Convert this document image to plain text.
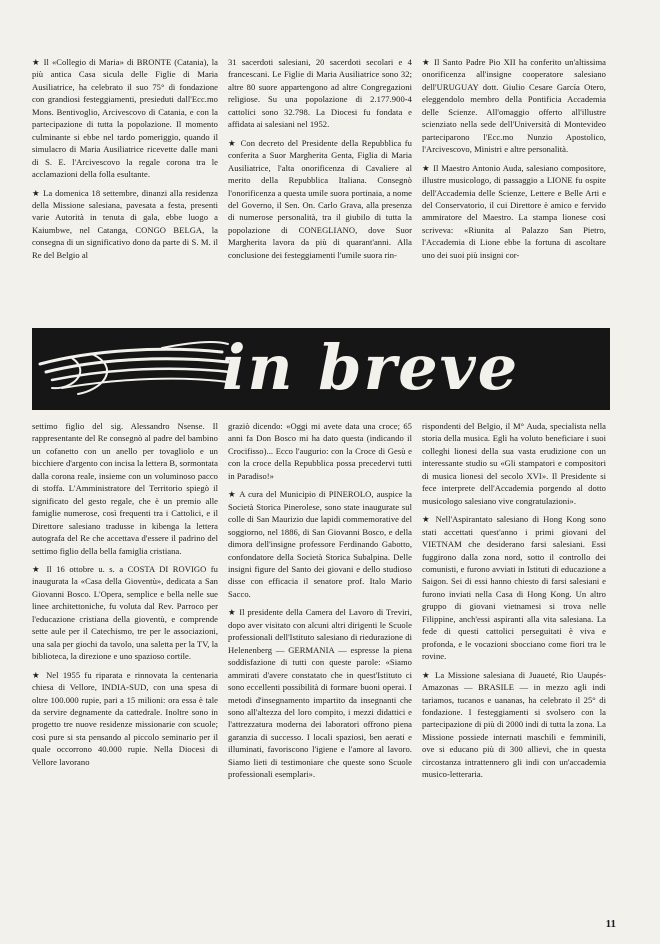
★ Il «Collegio di Maria» di BRONTE (Catania), la più antica Casa sicula delle Figlie di Maria Ausiliatrice, ha celebrato il suo 75° di fondazione con grandiosi festeggiamenti, presieduti dall'Ecc.mo Mons. Bentivoglio, Arcivescovo di Catania, e con la partecipazione di tutta la popolazione. Il momento culminante si ebbe nel tardo pomeriggio, quando il simulacro di Maria Ausiliatrice ricevette dalle mani di S. E. l'Arcivescovo la regale corona tra le acclamazioni della folla esultante.

★ La domenica 18 settembre, dinanzi alla residenza della Missione salesiana, pavesata a festa, presenti varie Autorità in tenuta di gala, ebbe luogo a Kaiumbwe, nel Catanga, CONGO BELGA, la consegna di un significativo dono da parte di S. M. il Re del Belgio al

31 sacerdoti salesiani, 20 sacerdoti secolari e 4 francescani. Le Figlie di Maria Ausiliatrice sono 32; altre 80 suore appartengono ad altre Congregazioni religiose. Su una popolazione di 2.177.900-4 cattolici sono 32.798. La Diocesi fu fondata e affidata ai salesiani nel 1952.

★ Con decreto del Presidente della Repubblica fu conferita a Suor Margherita Genta, Figlia di Maria Ausiliatrice, l'alta onorificenza di Cavaliere al merito della Repubblica Italiana. Consegnò l'onorificenza a questa umile suora portinaia, a nome del Governo, il Sen. On. Carlo Grava, alla presenza di numerose personalità, tra il giubilo di tutta la popolazione di CONEGLIANO, dove Suor Margherita lavora da più di quarant'anni. Alla conclusione dei festeggiamenti l'umile suora rin-

★ Il Santo Padre Pio XII ha conferito un'altissima onorificenza all'insigne cooperatore salesiano dell'URUGUAY dott. Giulio Cesare García Otero, eleggendolo membro della Pontificia Accademia delle Scienze. All'omaggio offerto all'illustre scienziato nella sede dell'Università di Montevideo parteciparono l'Ecc.mo Nunzio Apostolico, l'Arcivescovo, Ministri e altre personalità.

★ Il Maestro Antonio Auda, salesiano compositore, illustre musicologo, di passaggio a LIONE fu ospite dell'Accademia delle Scienze, Lettere e Belle Arti e del Conservatorio, il cui Direttore è amico e fervido ammiratore del Maestro. La stampa lionese così scriveva: «Riunita al Palazzo San Pietro, l'Accademia di Lione ebbe la fortuna di ascoltare uno dei suoi più insigni cor-

in breve

settimo figlio del sig. Alessandro Nsense. Il rappresentante del Re consegnò al padre del bambino un cofanetto con un anello per tovagliolo e un bicchiere d'argento con incisa la lettera B, sormontata dalla corona reale, insieme con un voluminoso pacco di stoffa. L'Amministratore del Territorio spiegò il significato del gesto regale, che è un premio alle famiglie numerose, così frequenti tra i Cattolici, e il Direttore salesiano tradusse in kibenga la lettera autografa del Re che accettava d'essere il padrino del settimo figlio della bella famiglia cristiana.

★ Il 16 ottobre u. s. a COSTA DI ROVIGO fu inaugurata la «Casa della Gioventù», dedicata a San Giovanni Bosco. L'Opera, semplice e bella nelle sue linee architettoniche, fu voluta dal Rev. Parroco per l'educazione cristiana della gioventù, e comprende sette aule per il Catechismo, tre per le associazioni, una sala per giochi da tavolo, una saletta per la TV, la biblioteca, la direzione e uno spazioso cortile.

★ Nel 1955 fu riparata e rinnovata la centenaria chiesa di Vellore, INDIA-SUD, con una spesa di oltre 100.000 rupie, pari a 15 milioni: ora essa è tale da servire degnamente da cattedrale. Inoltre sono in progetto tre nuove residenze missionarie con scuole; così pure si sta pensando al piccolo seminario per il quale occorrono 40.000 rupie. Nella Diocesi di Vellore lavorano

graziò dicendo: «Oggi mi avete data una croce; 65 anni fa Don Bosco mi ha dato questa (indicando il Crocifisso)... Ecco l'augurio: con la Croce di Gesù e con la croce della Repubblica possa precedervi tutti in Paradiso!»

★ A cura del Municipio di PINEROLO, auspice la Società Storica Pinerolese, sono state inaugurate sul colle di San Maurizio due lapidi commemorative del soggiorno, nel 1886, di San Giovanni Bosco, e della dimora dell'insigne professore Ferdinando Gabotto, confondatore della Società Storica Subalpina. Delle insigni figure del Santo dei giovani e dello studioso disse con efficacia il senatore prof. Italo Mario Sacco.

★ Il presidente della Camera del Lavoro di Treviri, dopo aver visitato con alcuni altri dirigenti le Scuole professionali dell'Istituto salesiano di riedurazione di Helenenberg — GERMANIA — espresse la piena soddisfazione di tutti con queste parole: «Siamo ammirati d'avere constatato che in quest'Istituto ci sono eccellenti possibilità di formare buoni operai. I metodi d'insegnamento impartito da insegnanti che sono all'altezza del loro compito, i mezzi didattici e l'attrezzatura moderna dei laboratori offrono piena garanzia di successo. I locali spaziosi, ben aerati e illuminati, favoriscono l'igiene e l'amore al lavoro. Siamo lieti di testimoniare che queste sono Scuole professionali esemplari».

rispondenti del Belgio, il M° Auda, specialista nella storia della musica. Egli ha voluto beneficiare i suoi colleghi lionesi della sua vasta erudizione con un interessante studio su «Gli stampatori e compositori di musica lionesi del secolo XVI». Il Presidente si fece interprete dell'Accademia porgendo al dotto musicologo salesiano vive congratulazioni».

★ Nell'Aspirantato salesiano di Hong Kong sono stati accettati quest'anno i primi giovani del VIETNAM che desiderano farsi salesiani. Essi fuggirono dalla zona nord, sotto il controllo dei comunisti, e furono avviati in Istituti di educazione a Saigon. Sei di essi hanno chiesto di farsi salesiani e furono inviati nella Casa di Hong Kong. Un altro gruppo di giovani vietnamesi si trova nelle Filippine, anch'essi aspiranti alla vita salesiana. La fede di questi cattolici perseguitati è viva e profonda, e le vocazioni sbocciano come fiori tra le rovine.

★ La Missione salesiana di Juaueté, Rio Uaupés-Amazonas — BRASILE — in mezzo agli indi tariamos, tucanos e uananas, ha celebrato il 25° di fondazione. I festeggiamenti si svolsero con la partecipazione di più di 2000 indi di tutta la zona. La Missione possiede internati maschili e femminili, ove si educano più di 300 allievi, che in questa circostanza intrattennero gli indi con un'accademia musico-letteraria.

11
